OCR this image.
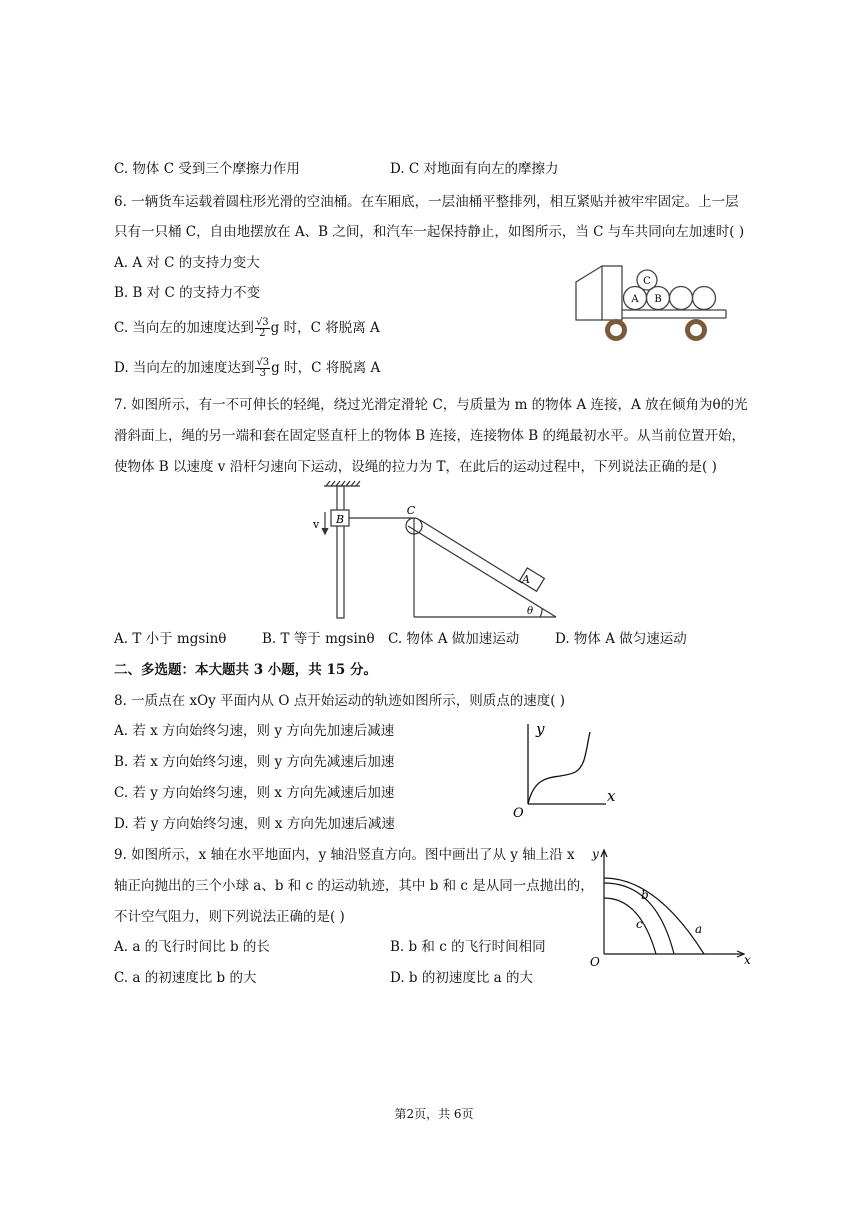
C. 物体 C 受到三个摩擦力作用	D. C 对地面有向左的摩擦力
6. 一辆货车运载着圆柱形光滑的空油桶。在车厢底，一层油桶平整排列，相互紧贴并被牢牢固定。上一层
只有一只桶 C，自由地摆放在 A、B 之间，和汽车一起保持静止，如图所示，当 C 与车共同向左加速时( )
A. A 对 C 的支持力变大
B. B 对 C 的支持力不变
C. 当向左的加速度达到 $\frac{√3}{2}$ g 时，C 将脱离 A
D. 当向左的加速度达到 $\frac{√3}{3}$ g 时，C 将脱离 A
C
A B
7. 如图所示，有一不可伸长的轻绳，绕过光滑定滑轮 C，与质量为 m 的物体 A 连接，A 放在倾角为θ的光
滑斜面上，绳的另一端和套在固定竖直杆上的物体 B 连接，连接物体 B 的绳最初水平。从当前位置开始，
使物体 B 以速度 v 沿杆匀速向下运动，设绳的拉力为 T，在此后的运动过程中，下列说法正确的是( )
v B
C
A
θ
A. T 小于 mgsinθ	B. T 等于 mgsinθ C. 物体 A 做加速运动	D. 物体 A 做匀速运动
二、多选题：本大题共 3 小题，共 15 分。
8. 一质点在 xOy 平面内从 O 点开始运动的轨迹如图所示，则质点的速度( )
A. 若 x 方向始终匀速，则 y 方向先加速后减速
B. 若 x 方向始终匀速，则 y 方向先减速后加速
C. 若 y 方向始终匀速，则 x 方向先减速后加速
D. 若 y 方向始终匀速，则 x 方向先加速后减速
y
x
O
9. 如图所示，x 轴在水平地面内，y 轴沿竖直方向。图中画出了从 y 轴上沿 x
轴正向抛出的三个小球 a、b 和 c 的运动轨迹，其中 b 和 c 是从同一点抛出的，
不计空气阻力，则下列说法正确的是( )
A. a 的飞行时间比 b 的长	B. b 和 c 的飞行时间相同
C. a 的初速度比 b 的大	D. b 的初速度比 a 的大
y
x
O
a
b
c
第2页，共 6页
